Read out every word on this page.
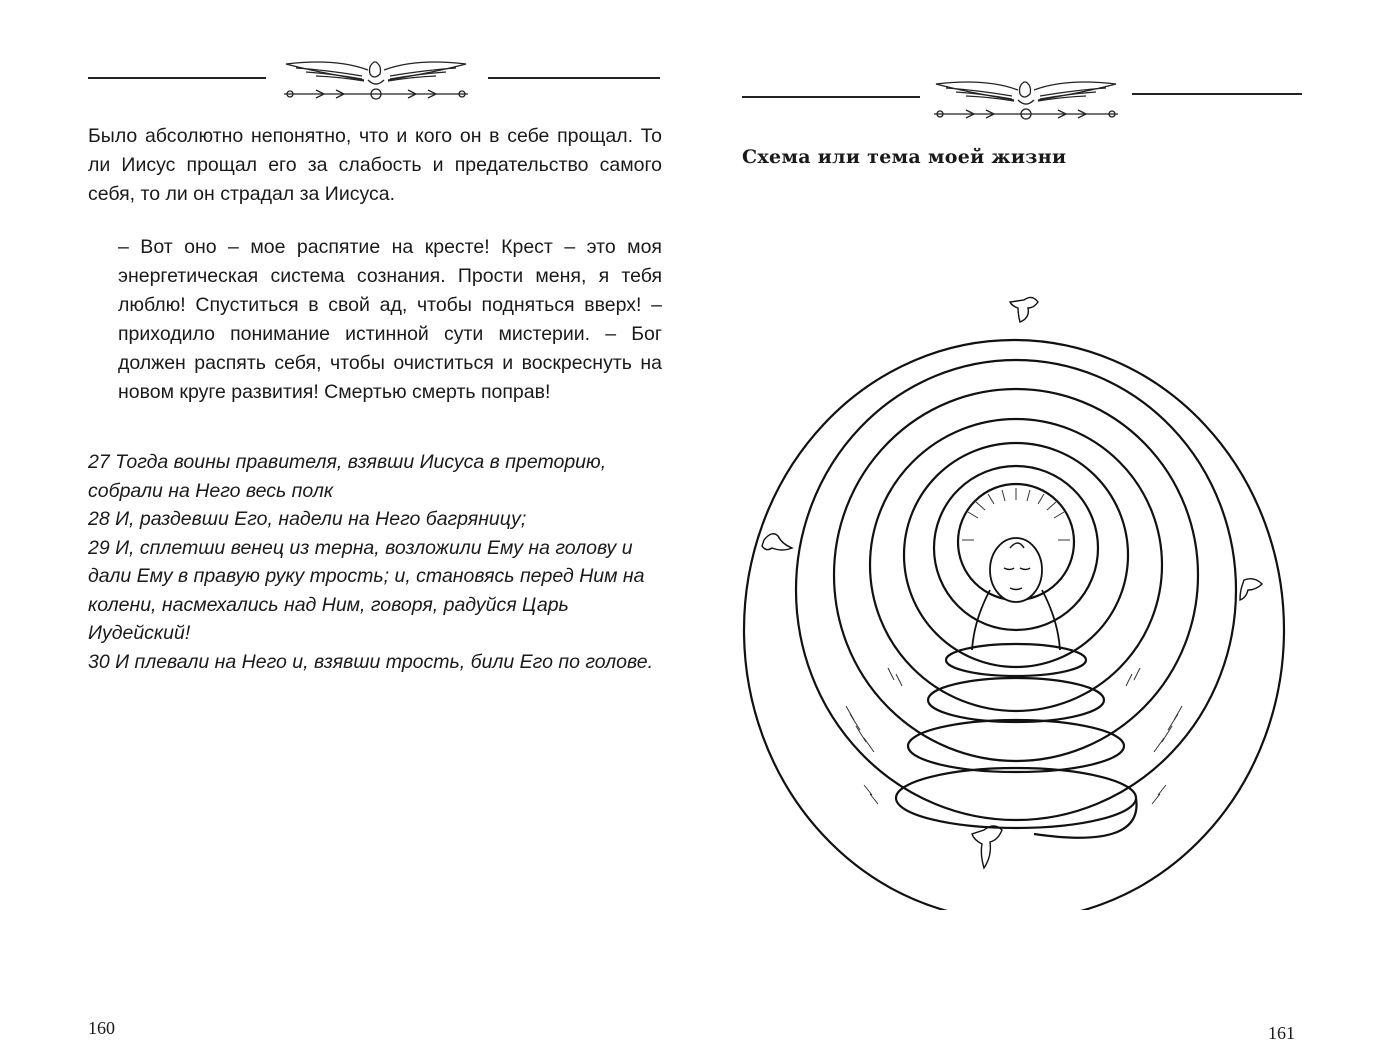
Было абсолютно непонятно, что и кого он в себе прощал. То ли Иисус прощал его за слабость и предательство самого себя, то ли он страдал за Иисуса.

– Вот оно – мое распятие на кресте! Крест – это моя энергетическая система сознания. Прости меня, я тебя люблю! Спуститься в свой ад, чтобы подняться вверх! – приходило понимание истинной сути мистерии. – Бог должен распять себя, чтобы очиститься и воскреснуть на новом круге развития! Смертью смерть поправ!

27 Тогда воины правителя, взявши Иисуса в преторию, собрали на Него весь полк

28 И, раздевши Его, надели на Него багряницу;

29 И, сплетши венец из терна, возложили Ему на голову и дали Ему в правую руку трость; и, становясь перед Ним на колени, насмехались над Ним, говоря, радуйся Царь Иудейский!

30 И плевали на Него и, взявши трость, били Его по голове.

160
Схема или тема моей жизни
161
